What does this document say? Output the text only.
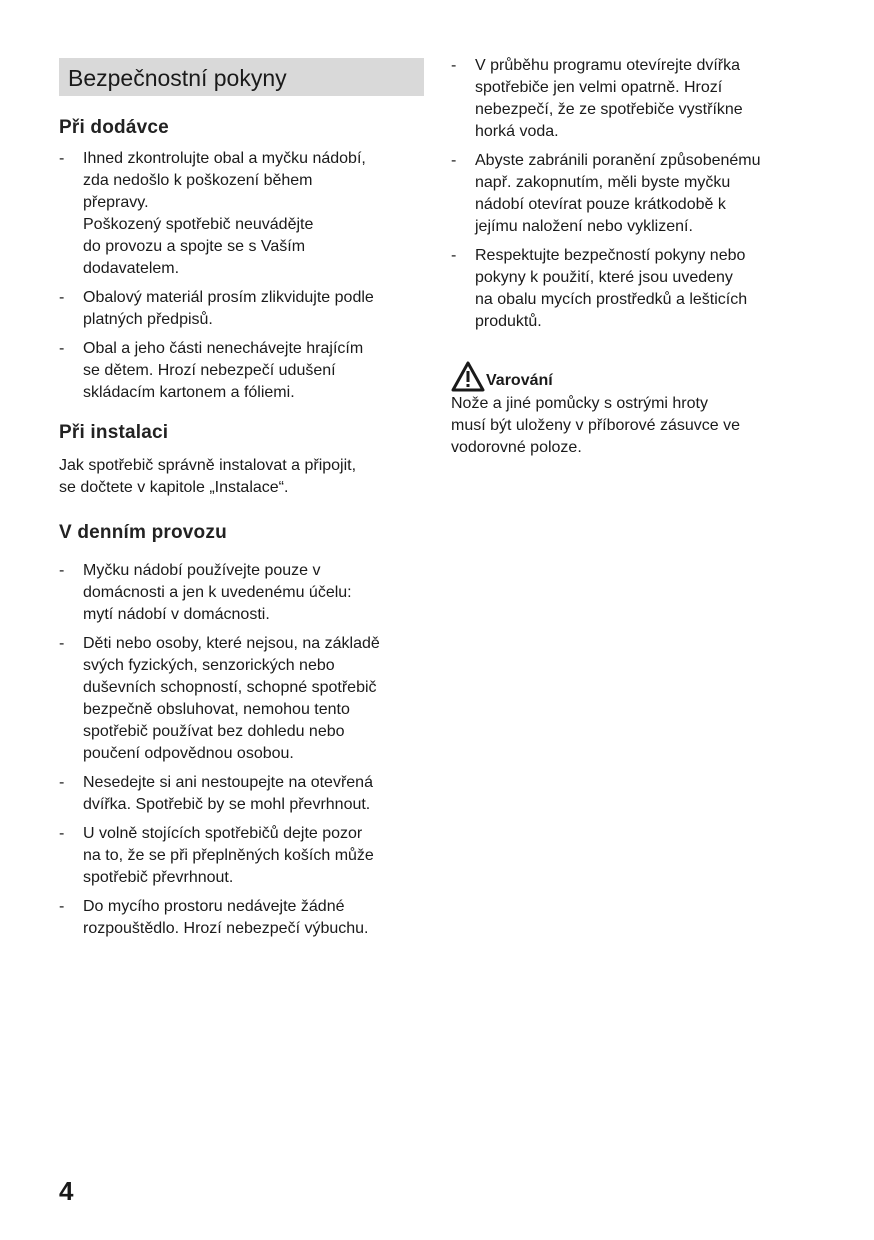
Bezpečnostní pokyny
Při dodávce
- Ihned zkontrolujte obal a myčku nádobí,
zda nedošlo k poškození během
přepravy.
Poškozený spotřebič neuvádějte
do provozu a spojte se s Vaším
dodavatelem.
- Obalový materiál prosím zlikvidujte podle
platných předpisů.
- Obal a jeho části nenechávejte hrajícím
se dětem. Hrozí nebezpečí udušení
skládacím kartonem a fóliemi.
Při instalaci
Jak spotřebič správně instalovat a připojit,
se dočtete v kapitole „Instalace“.
V denním provozu
- Myčku nádobí používejte pouze v
domácnosti a jen k uvedenému účelu:
mytí nádobí v domácnosti.
- Děti nebo osoby, které nejsou, na základě
svých fyzických, senzorických nebo
duševních schopností, schopné spotřebič
bezpečně obsluhovat, nemohou tento
spotřebič používat bez dohledu nebo
poučení odpovědnou osobou.
- Nesedejte si ani nestoupejte na otevřená
dvířka. Spotřebič by se mohl převrhnout.
- U volně stojících spotřebičů dejte pozor
na to, že se při přeplněných koších může
spotřebič převrhnout.
- Do mycího prostoru nedávejte žádné
rozpouštědlo. Hrozí nebezpečí výbuchu.
- V průběhu programu otevírejte dvířka
spotřebiče jen velmi opatrně. Hrozí
nebezpečí, že ze spotřebiče vystříkne
horká voda.
- Abyste zabránili poranění způsobenému
např. zakopnutím, měli byste myčku
nádobí otevírat pouze krátkodobě k
jejímu naložení nebo vyklizení.
- Respektujte bezpečností pokyny nebo
pokyny k použití, které jsou uvedeny
na obalu mycích prostředků a lešticích
produktů.
Varování
Nože a jiné pomůcky s ostrými hroty
musí být uloženy v příborové zásuvce ve
vodorovné poloze.
4
